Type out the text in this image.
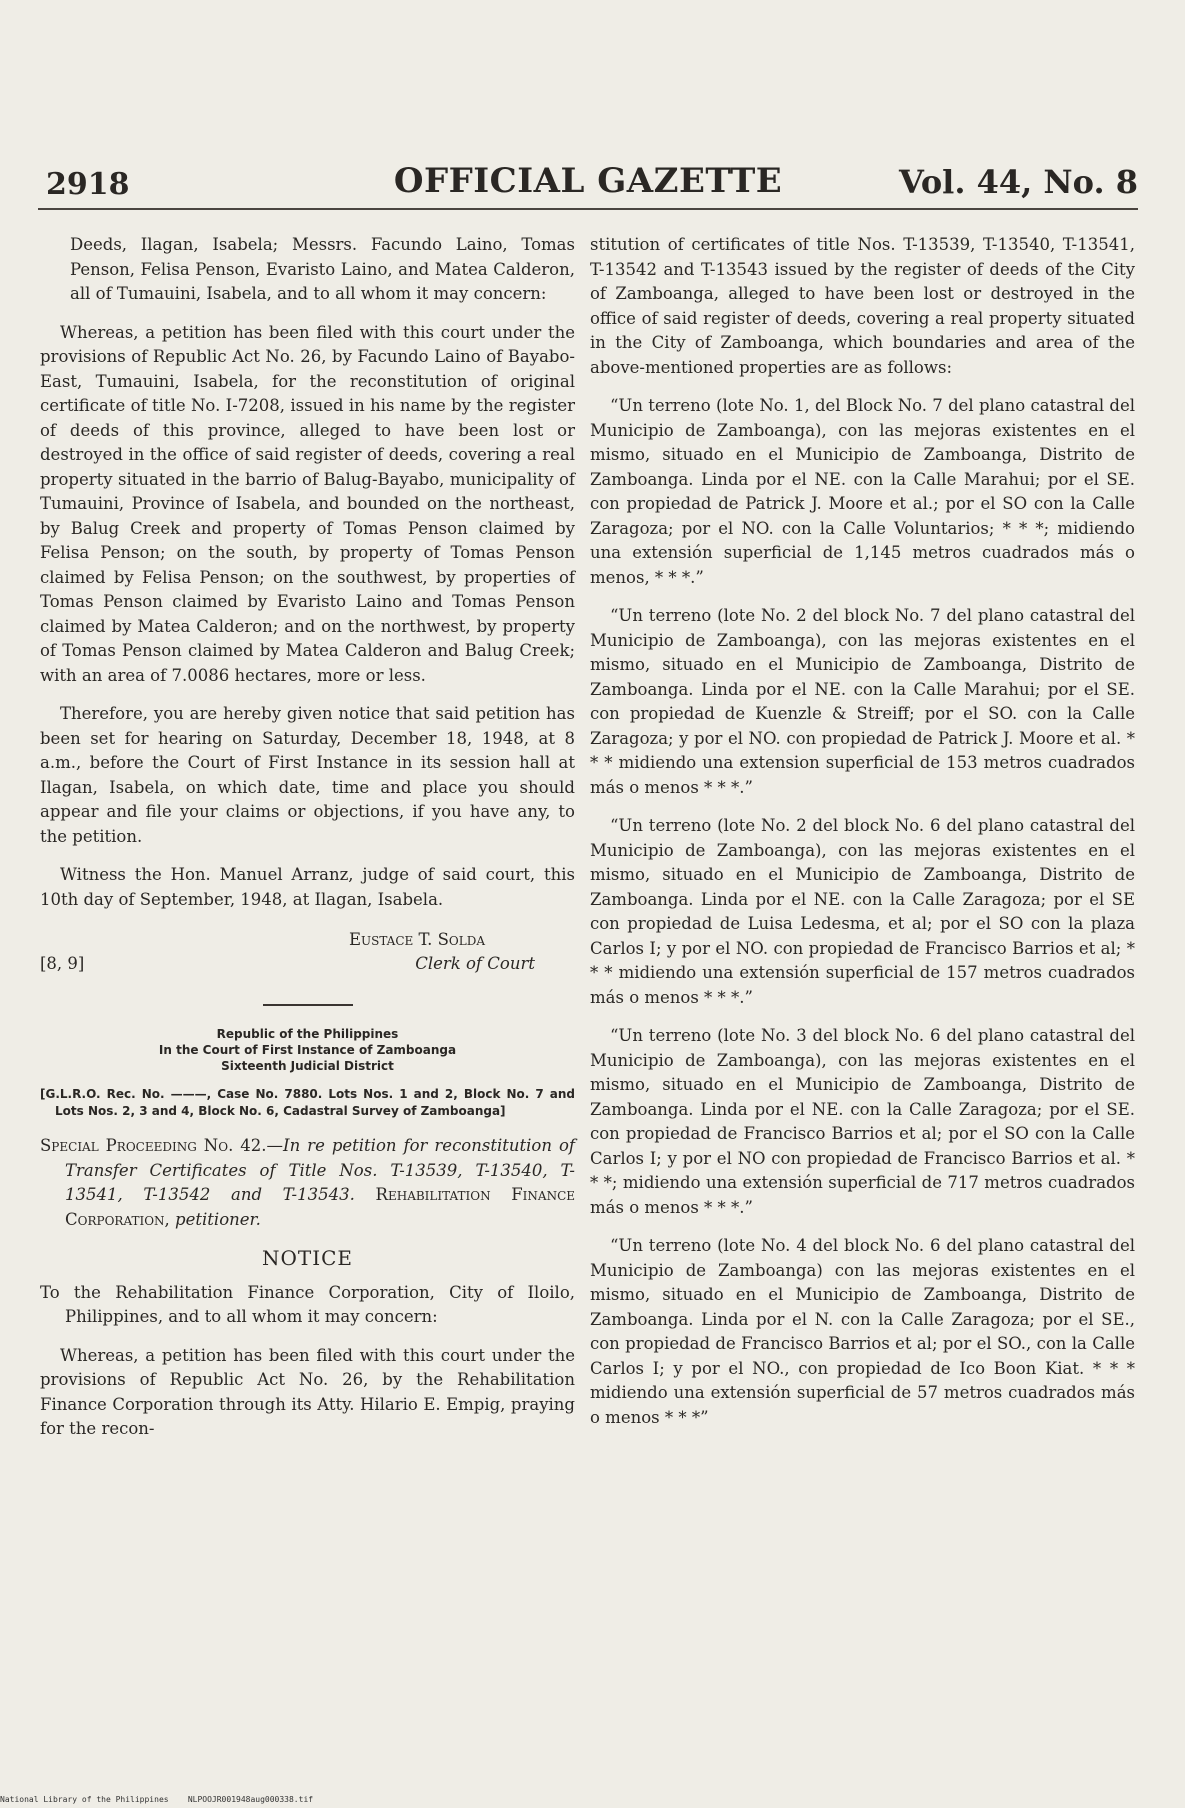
2918	OFFICIAL GAZETTE	Vol. 44, No. 8

Deeds, Ilagan, Isabela; Messrs. Facundo Laino, Tomas Penson, Felisa Penson, Evaristo Laino, and Matea Calderon, all of Tumauini, Isabela, and to all whom it may concern:

Whereas, a petition has been filed with this court under the provisions of Republic Act No. 26, by Facundo Laino of Bayabo-East, Tumauini, Isabela, for the reconstitution of original certificate of title No. I-7208, issued in his name by the register of deeds of this province, alleged to have been lost or destroyed in the office of said register of deeds, covering a real property situated in the barrio of Balug-Bayabo, municipality of Tumauini, Province of Isabela, and bounded on the northeast, by Balug Creek and property of Tomas Penson claimed by Felisa Penson; on the south, by property of Tomas Penson claimed by Felisa Penson; on the southwest, by properties of Tomas Penson claimed by Evaristo Laino and Tomas Penson claimed by Matea Calderon; and on the northwest, by property of Tomas Penson claimed by Matea Calderon and Balug Creek; with an area of 7.0086 hectares, more or less.

Therefore, you are hereby given notice that said petition has been set for hearing on Saturday, December 18, 1948, at 8 a.m., before the Court of First Instance in its session hall at Ilagan, Isabela, on which date, time and place you should appear and file your claims or objections, if you have any, to the petition.

Witness the Hon. Manuel Arranz, judge of said court, this 10th day of September, 1948, at Ilagan, Isabela.

Eustace T. Solda
Clerk of Court
[8, 9]
Republic of the Philippines
In the Court of First Instance of Zamboanga
Sixteenth Judicial District

[G.L.R.O. Rec. No. ———, Case No. 7880. Lots Nos. 1 and 2, Block No. 7 and Lots Nos. 2, 3 and 4, Block No. 6, Cadastral Survey of Zamboanga]

Special Proceeding No. 42.—In re petition for reconstitution of Transfer Certificates of Title Nos. T-13539, T-13540, T-13541, T-13542 and T-13543. Rehabilitation Finance Corporation, petitioner.

NOTICE

To the Rehabilitation Finance Corporation, City of Iloilo, Philippines, and to all whom it may concern:

Whereas, a petition has been filed with this court under the provisions of Republic Act No. 26, by the Rehabilitation Finance Corporation through its Atty. Hilario E. Empig, praying for the recon-

stitution of certificates of title Nos. T-13539, T-13540, T-13541, T-13542 and T-13543 issued by the register of deeds of the City of Zamboanga, alleged to have been lost or destroyed in the office of said register of deeds, covering a real property situated in the City of Zamboanga, which boundaries and area of the above-mentioned properties are as follows:

“Un terreno (lote No. 1, del Block No. 7 del plano catastral del Municipio de Zamboanga), con las mejoras existentes en el mismo, situado en el Municipio de Zamboanga, Distrito de Zamboanga. Linda por el NE. con la Calle Marahui; por el SE. con propiedad de Patrick J. Moore et al.; por el SO con la Calle Zaragoza; por el NO. con la Calle Voluntarios; * * *; midiendo una extensión superficial de 1,145 metros cuadrados más o menos, * * *.”

“Un terreno (lote No. 2 del block No. 7 del plano catastral del Municipio de Zamboanga), con las mejoras existentes en el mismo, situado en el Municipio de Zamboanga, Distrito de Zamboanga. Linda por el NE. con la Calle Marahui; por el SE. con propiedad de Kuenzle & Streiff; por el SO. con la Calle Zaragoza; y por el NO. con propiedad de Patrick J. Moore et al. * * * midiendo una extension superficial de 153 metros cuadrados más o menos * * *.”

“Un terreno (lote No. 2 del block No. 6 del plano catastral del Municipio de Zamboanga), con las mejoras existentes en el mismo, situado en el Municipio de Zamboanga, Distrito de Zamboanga. Linda por el NE. con la Calle Zaragoza; por el SE con propiedad de Luisa Ledesma, et al; por el SO con la plaza Carlos I; y por el NO. con propiedad de Francisco Barrios et al; * * * midiendo una extensión superficial de 157 metros cuadrados más o menos * * *.”

“Un terreno (lote No. 3 del block No. 6 del plano catastral del Municipio de Zamboanga), con las mejoras existentes en el mismo, situado en el Municipio de Zamboanga, Distrito de Zamboanga. Linda por el NE. con la Calle Zaragoza; por el SE. con propiedad de Francisco Barrios et al; por el SO con la Calle Carlos I; y por el NO con propiedad de Francisco Barrios et al. * * *; midiendo una extensión superficial de 717 metros cuadrados más o menos * * *.”

“Un terreno (lote No. 4 del block No. 6 del plano catastral del Municipio de Zamboanga) con las mejoras existentes en el mismo, situado en el Municipio de Zamboanga, Distrito de Zamboanga. Linda por el N. con la Calle Zaragoza; por el SE., con propiedad de Francisco Barrios et al; por el SO., con la Calle Carlos I; y por el NO., con propiedad de Ico Boon Kiat. * * * midiendo una extensión superficial de 57 metros cuadrados más o menos * * *”

National Library of the Philippines NLPOOJR001948aug000338.tif
